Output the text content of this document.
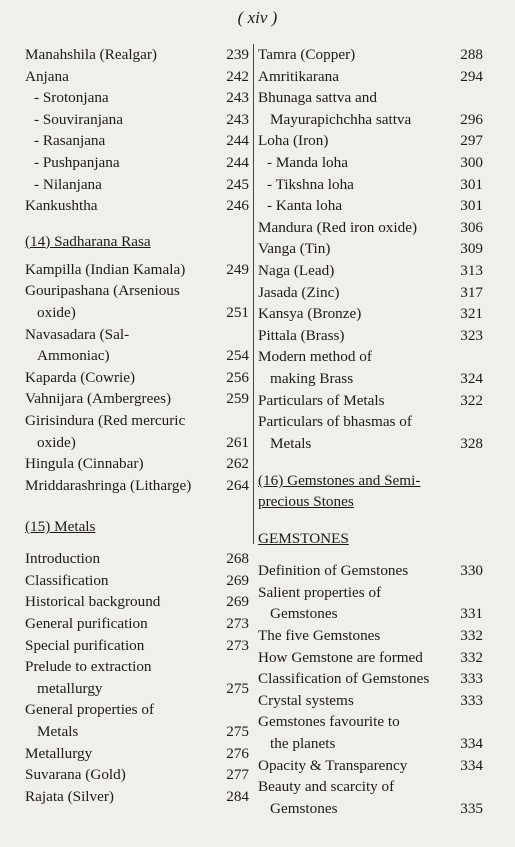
( xiv )
Manahshila (Realgar)	239
Anjana	242
- Srotonjana	243
- Souviranjana	243
- Rasanjana	244
- Pushpanjana	244
- Nilanjana	245
Kankushtha	246
(14) Sadharana Rasa
Kampilla (Indian Kamala)	249
Gouripashana (Arsenious
oxide)	251
Navasadara (Sal-
Ammoniac)	254
Kaparda (Cowrie)	256
Vahnijara (Ambergrees)	259
Girisindura (Red mercuric
oxide)	261
Hingula (Cinnabar)	262
Mriddarashringa (Litharge) 264
(15) Metals
Introduction	268
Classification	269
Historical background	269
General purification	273
Special purification	273
Prelude to extraction
metallurgy	275
General properties of
Metals	275
Metallurgy	276
Suvarana (Gold)	277
Rajata (Silver)	284
Tamra (Copper)	288
Amritikarana	294
Bhunaga sattva and
Mayurapichchha sattva	296
Loha (Iron)	297
- Manda loha	300
- Tikshna loha	301
- Kanta loha	301
Mandura (Red iron oxide)	306
Vanga (Tin)	309
Naga (Lead)	313
Jasada (Zinc)	317
Kansya (Bronze)	321
Pittala (Brass)	323
Modern method of
making Brass	324
Particulars of Metals	322
Particulars of bhasmas of
Metals	328
(16) Gemstones and Semi-
precious Stones
GEMSTONES
Definition of Gemstones	330
Salient properties of
Gemstones	331
The five Gemstones	332
How Gemstone are formed 332
Classification of Gemstones 333
Crystal systems	333
Gemstones favourite to
the planets	334
Opacity & Transparency	334
Beauty and scarcity of
Gemstones	335
